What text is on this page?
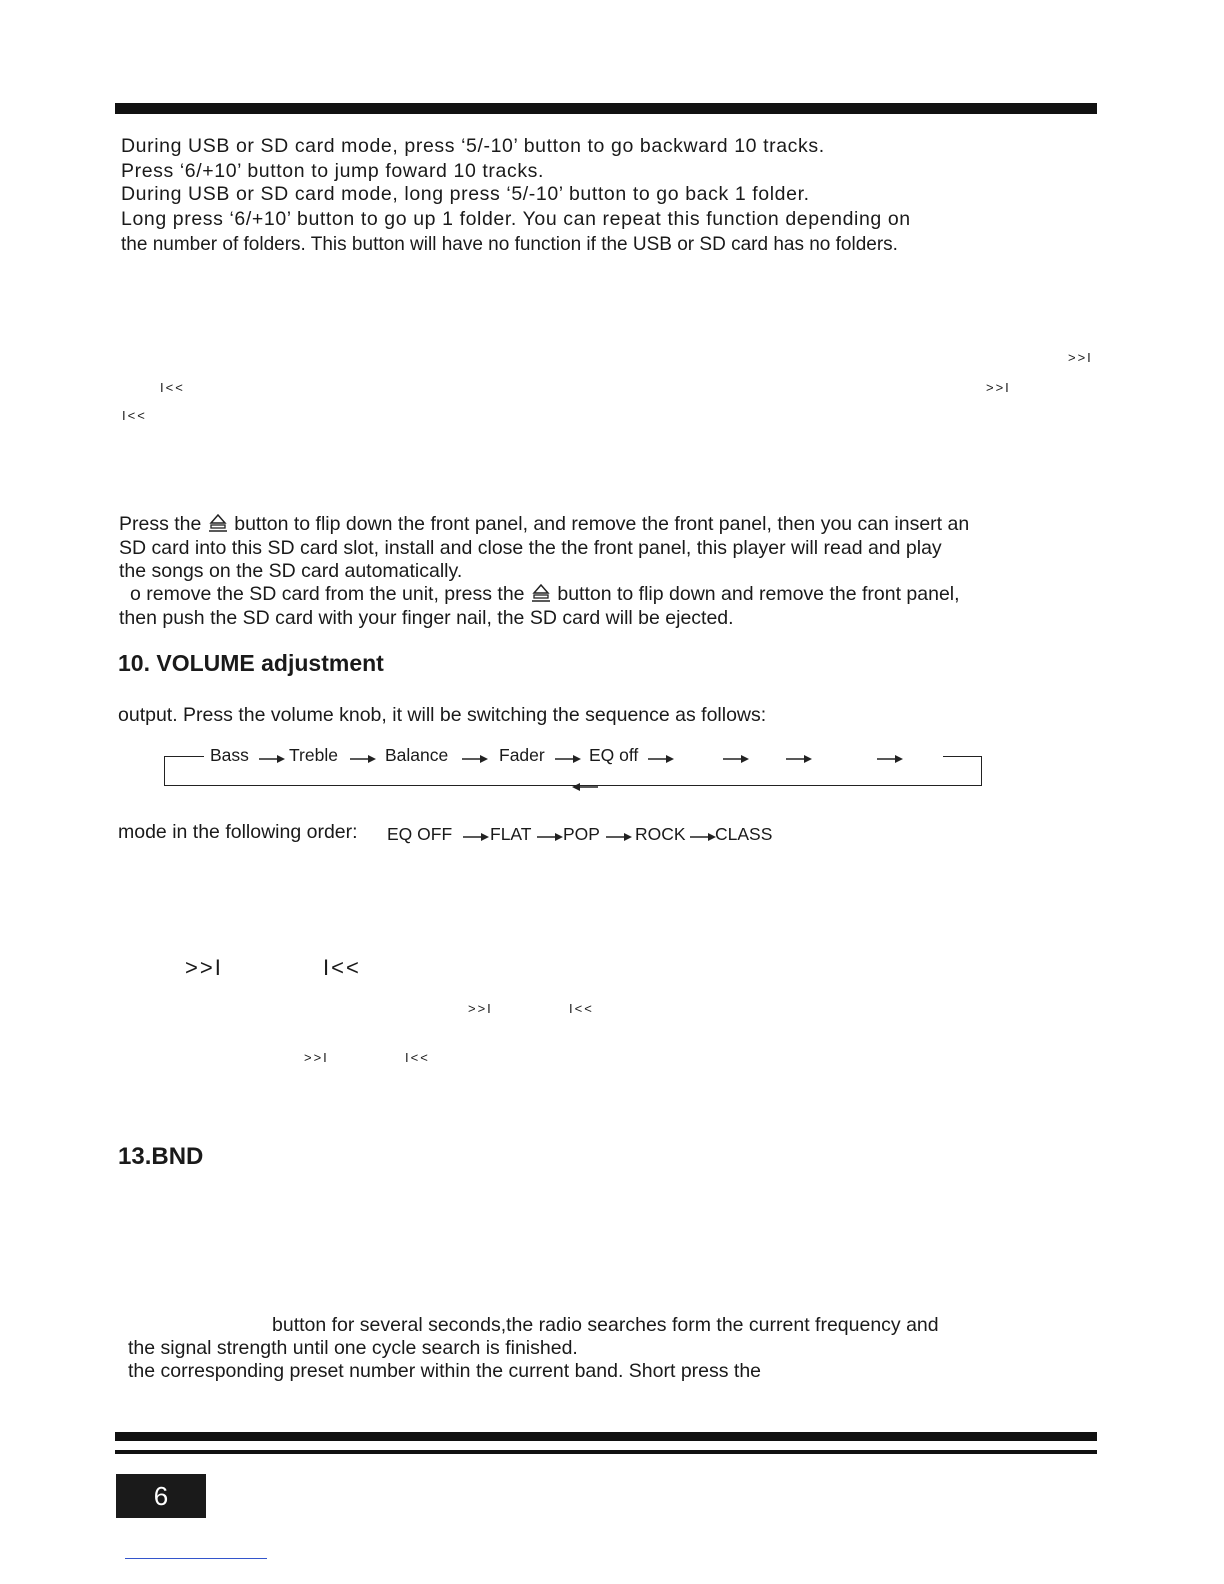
During USB or SD card mode, press ‘5/-10’ button to go backward 10 tracks.
Press ‘6/+10’ button to jump foward 10 tracks.
During USB or SD card mode, long press ‘5/-10’ button to go back 1 folder.
Long press ‘6/+10’ button to go up 1 folder. You can repeat this function depending on
the number of folders. This button will have no function if the USB or SD card has no folders.
>>I
I<<	>>I
I<<
Press the button to flip down the front panel, and remove the front panel, then you can insert an
SD card into this SD card slot, install and close the the front panel, this player will read and play
the songs on the SD card automatically.
o remove the SD card from the unit, press the button to flip down and remove the front panel,
then push the SD card with your finger nail, the SD card will be ejected.
10. VOLUME adjustment
output. Press the volume knob, it will be switching the sequence as follows:
Bass Treble	Balance	Fader	EQ off
mode in the following order: EQ OFF FLAT POP ROCK CLASS
>>I	I<<
>>I	I<<
>>I	I<<
13.BND
button for several seconds,the radio searches form the current frequency and
the signal strength until one cycle search is finished.
the corresponding preset number within the current band. Short press the
6
